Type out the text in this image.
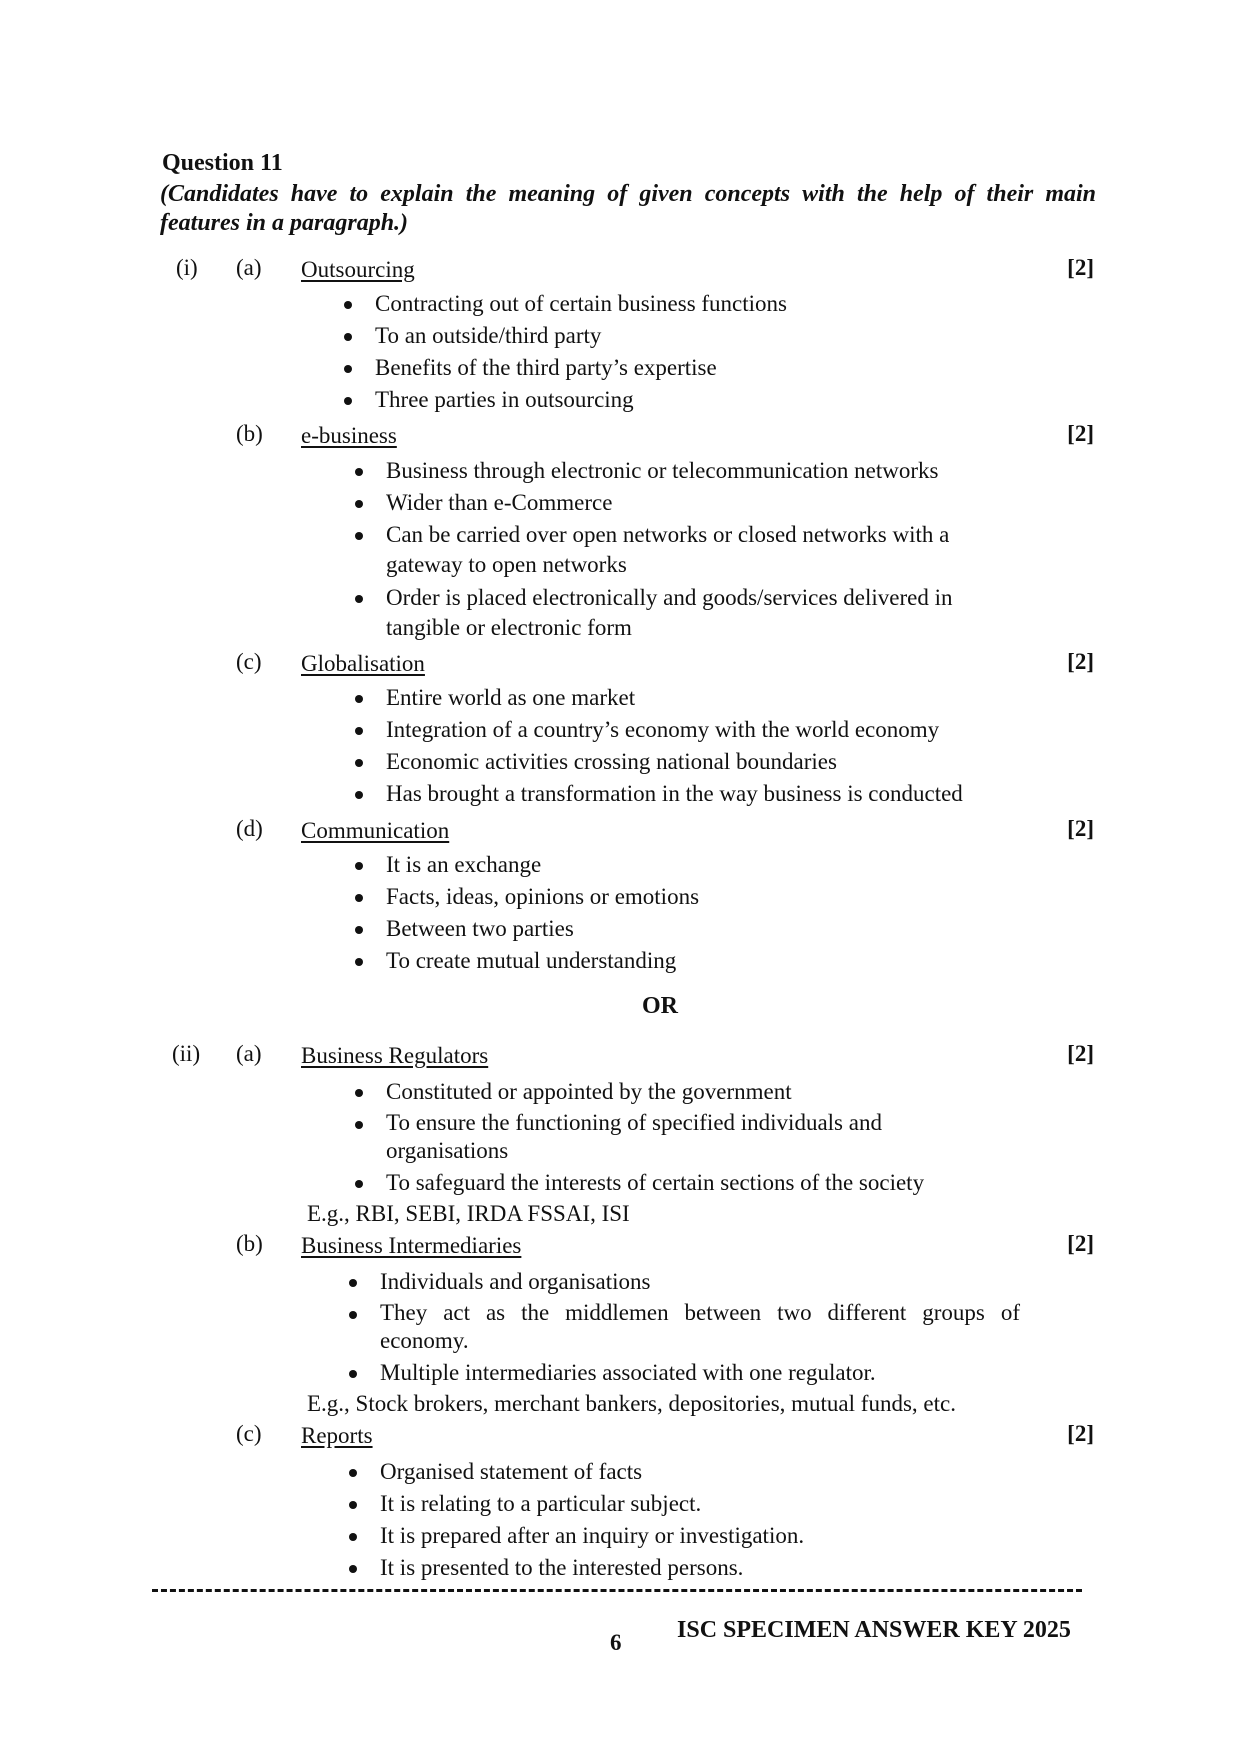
Question 11
(Candidates have to explain the meaning of given concepts with the help of their main features in a paragraph.)
(i) (a) Outsourcing	[2]
Contracting out of certain business functions
To an outside/third party
Benefits of the third party’s expertise
Three parties in outsourcing
(b) e-business	[2]
Business through electronic or telecommunication networks
Wider than e-Commerce
Can be carried over open networks or closed networks with a gateway to open networks
Order is placed electronically and goods/services delivered in tangible or electronic form
(c) Globalisation	[2]
Entire world as one market
Integration of a country’s economy with the world economy
Economic activities crossing national boundaries
Has brought a transformation in the way business is conducted
(d) Communication	[2]
It is an exchange
Facts, ideas, opinions or emotions
Between two parties
To create mutual understanding
OR
(ii) (a) Business Regulators	[2]
Constituted or appointed by the government
To ensure the functioning of specified individuals and organisations
To safeguard the interests of certain sections of the society
E.g., RBI, SEBI, IRDA FSSAI, ISI
(b) Business Intermediaries	[2]
Individuals and organisations
They act as the middlemen between two different groups of economy.
Multiple intermediaries associated with one regulator.
E.g., Stock brokers, merchant bankers, depositories, mutual funds, etc.
(c) Reports	[2]
Organised statement of facts
It is relating to a particular subject.
It is prepared after an inquiry or investigation.
It is presented to the interested persons.
ISC SPECIMEN ANSWER KEY 2025
6
